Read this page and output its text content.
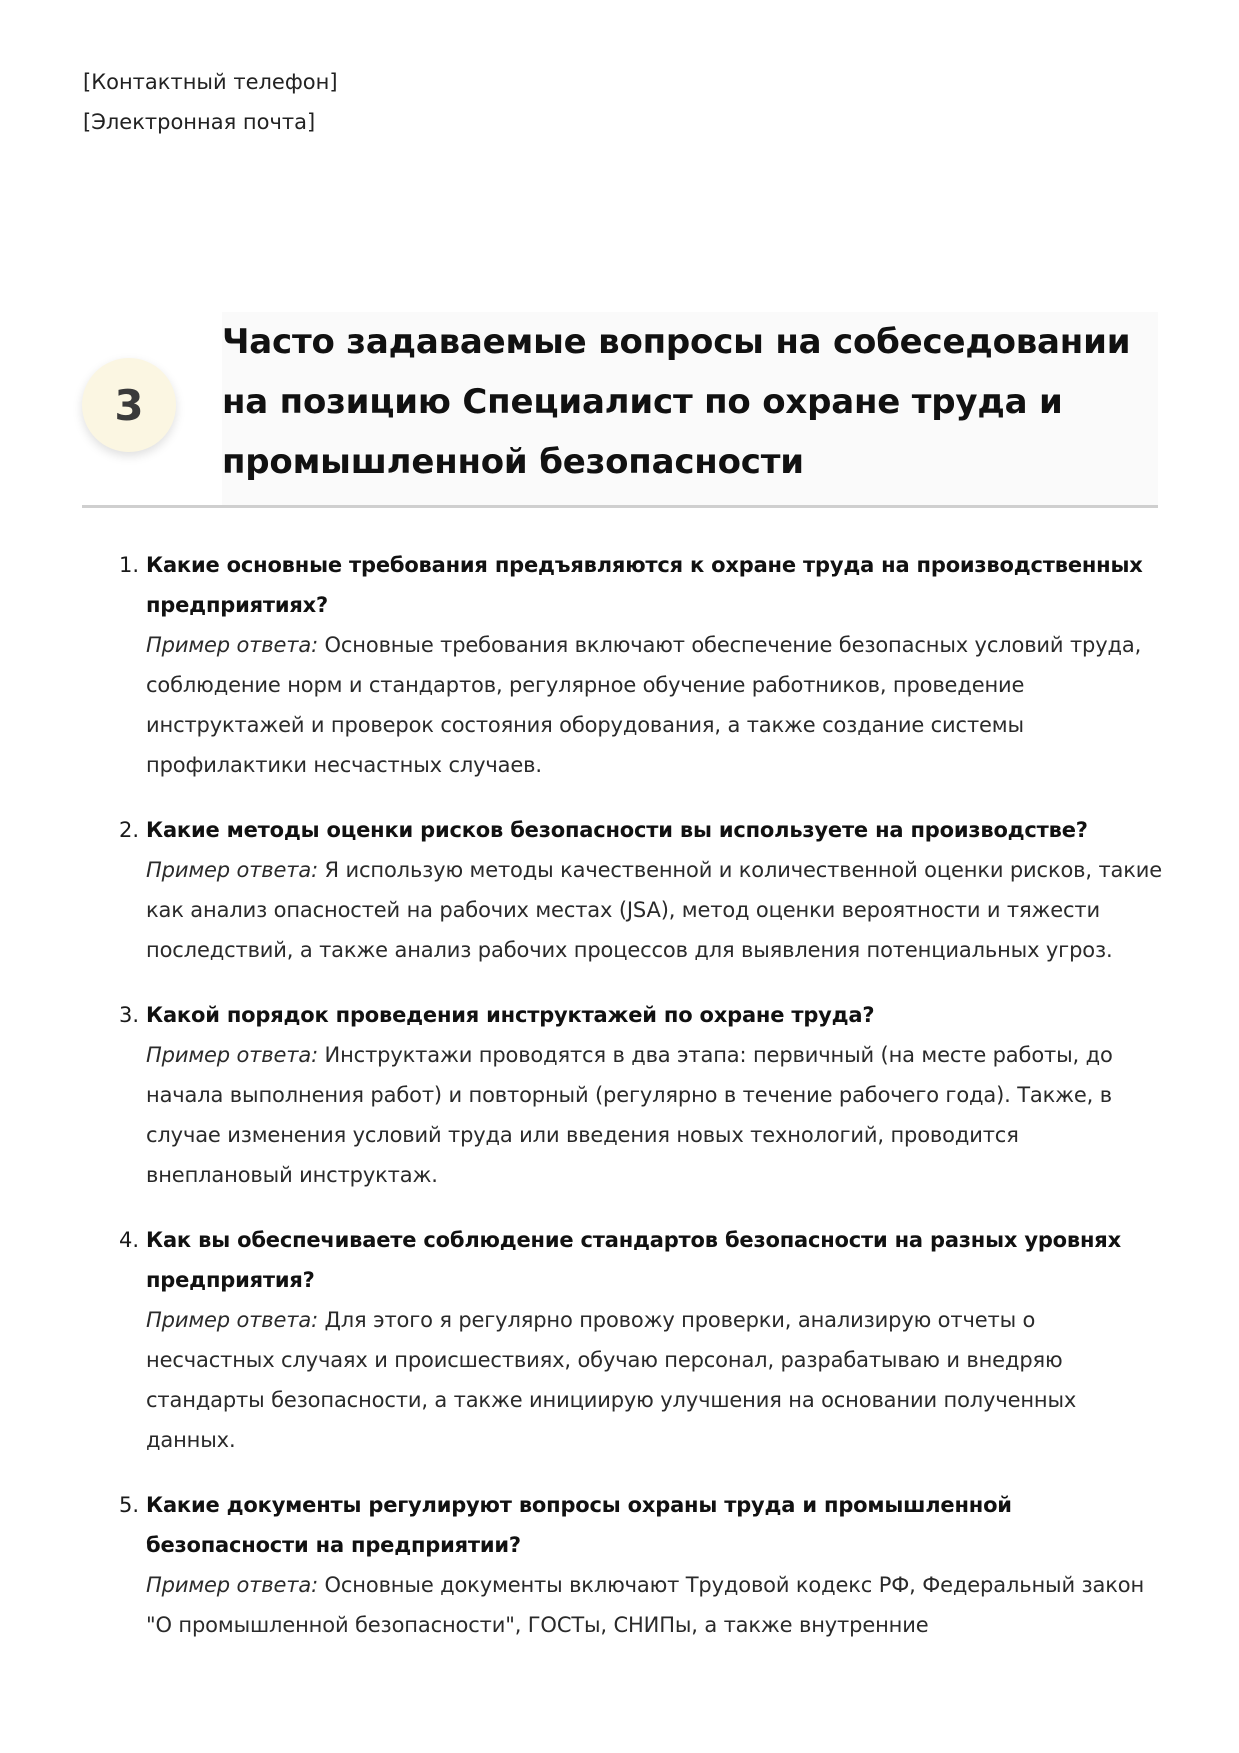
[Контактный телефон]
[Электронная почта]
3
Часто задаваемые вопросы на собеседовании на позицию Специалист по охране труда и промышленной безопасности
1. Какие основные требования предъявляются к охране труда на производственных предприятиях?
Пример ответа: Основные требования включают обеспечение безопасных условий труда, соблюдение норм и стандартов, регулярное обучение работников, проведение инструктажей и проверок состояния оборудования, а также создание системы профилактики несчастных случаев.
2. Какие методы оценки рисков безопасности вы используете на производстве?
Пример ответа: Я использую методы качественной и количественной оценки рисков, такие как анализ опасностей на рабочих местах (JSA), метод оценки вероятности и тяжести последствий, а также анализ рабочих процессов для выявления потенциальных угроз.
3. Какой порядок проведения инструктажей по охране труда?
Пример ответа: Инструктажи проводятся в два этапа: первичный (на месте работы, до начала выполнения работ) и повторный (регулярно в течение рабочего года). Также, в случае изменения условий труда или введения новых технологий, проводится внеплановый инструктаж.
4. Как вы обеспечиваете соблюдение стандартов безопасности на разных уровнях предприятия?
Пример ответа: Для этого я регулярно провожу проверки, анализирую отчеты о несчастных случаях и происшествиях, обучаю персонал, разрабатываю и внедряю стандарты безопасности, а также инициирую улучшения на основании полученных данных.
5. Какие документы регулируют вопросы охраны труда и промышленной безопасности на предприятии?
Пример ответа: Основные документы включают Трудовой кодекс РФ, Федеральный закон "О промышленной безопасности", ГОСТы, СНИПы, а также внутренние
